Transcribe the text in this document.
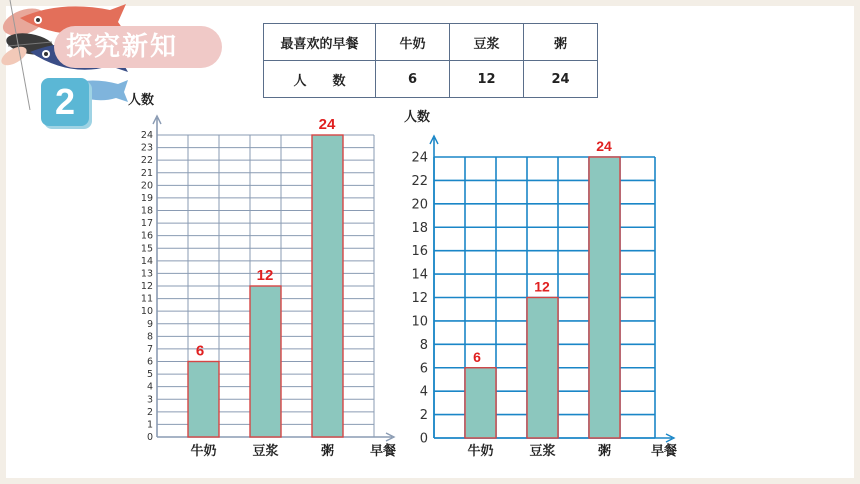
探究新知
2
最喜欢的早餐	牛奶	豆浆	粥
人　　数	6	12	24
0
1
2
3
4
5
6
7
8
9
10
11
12
13
14
15
16
17
18
19
20
21
22
23
24
人数
早餐
6
牛奶
12
豆浆
24
粥
0
2
4
6
8
10
12
14
16
18
20
22
24
人数
早餐
6
牛奶
12
豆浆
24
粥
